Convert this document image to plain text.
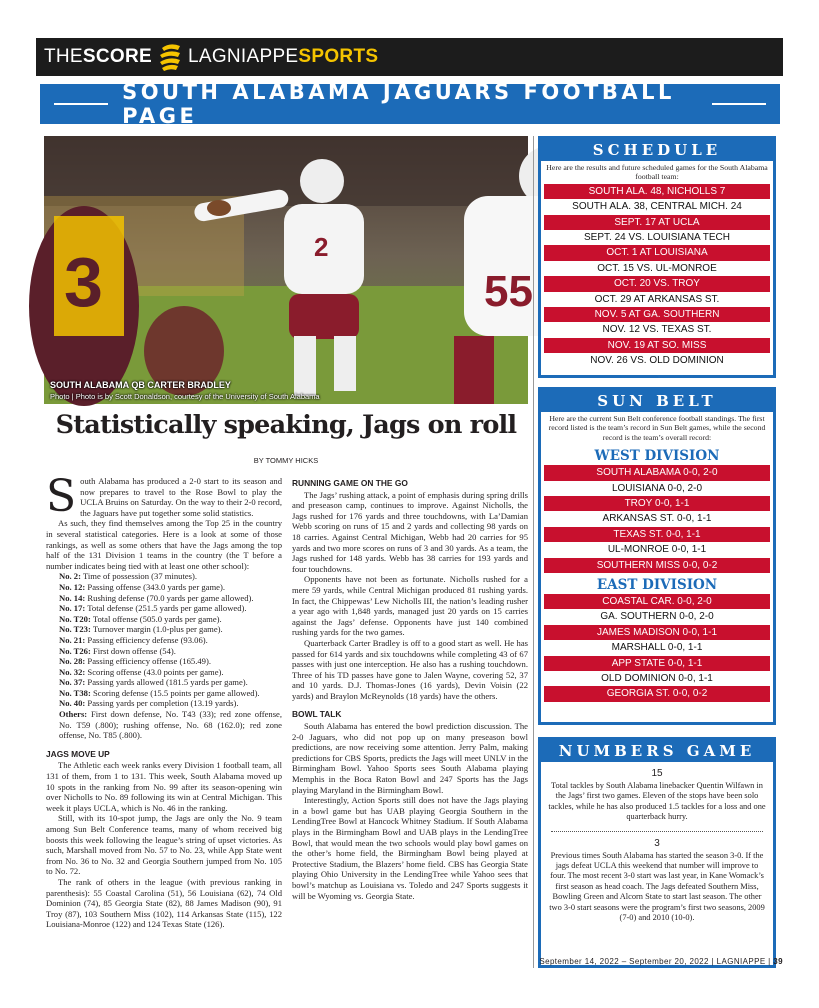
THE SCORE LAGNIAPPE SPORTS
SOUTH ALABAMA JAGUARS FOOTBALL PAGE
3	2
55
SOUTH ALABAMA QB CARTER BRADLEY
Photo | Photo is by Scott Donaldson, courtesy of the University of South Alabama
Statistically speaking, Jags on roll
BY TOMMY HICKS

South Alabama has produced a 2-0 start to its season and now prepares to travel to the Rose Bowl to play the UCLA Bruins on Saturday. On the way to their 2-0 record, the Jaguars have put together some solid statistics.

As such, they find themselves among the Top 25 in the country in several statistical categories. Here is a look at some of those rankings, as well as some others that have the Jags among the top half of the 131 Division 1 teams in the country (the T before a number indicates being tied with at least one other school):

No. 2: Time of possession (37 minutes).

No. 12: Passing offense (343.0 yards per game).

No. 14: Rushing defense (70.0 yards per game allowed).

No. 17: Total defense (251.5 yards per game allowed).

No. T20: Total offense (505.0 yards per game).

No. T23: Turnover margin (1.0-plus per game).

No. 21: Passing efficiency defense (93.06).

No. T26: First down offense (54).

No. 28: Passing efficiency offense (165.49).

No. 32: Scoring offense (43.0 points per game).

No. 37: Passing yards allowed (181.5 yards per game).

No. T38: Scoring defense (15.5 points per game allowed).

No. 40: Passing yards per completion (13.19 yards).

Others: First down defense, No. T43 (33); red zone offense, No. T59 (.800); rushing offense, No. 68 (162.0); red zone offense, No. T85 (.800).

JAGS MOVE UP

The Athletic each week ranks every Division 1 football team, all 131 of them, from 1 to 131. This week, South Alabama moved up 10 spots in the ranking from No. 99 after its season-opening win over Nicholls to No. 89 following its win at Central Michigan. This week it plays UCLA, which is No. 46 in the ranking.

Still, with its 10-spot jump, the Jags are only the No. 9 team among Sun Belt Conference teams, many of whom received big boosts this week following the league’s string of upset victories. As such, Marshall moved from No. 57 to No. 23, while App State went from No. 36 to No. 32 and Georgia Southern jumped from No. 105 to No. 72.

The rank of others in the league (with previous ranking in parenthesis): 55 Coastal Carolina (51), 56 Louisiana (62), 74 Old Dominion (74), 85 Georgia State (82), 88 James Madison (90), 91 Troy (87), 103 Southern Miss (102), 114 Arkansas State (115), 122 Louisiana-Monroe (122) and 124 Texas State (126).

RUNNING GAME ON THE GO

The Jags’ rushing attack, a point of emphasis during spring drills and preseason camp, continues to improve. Against Nicholls, the Jags rushed for 176 yards and three touchdowns, with La’Damian Webb scoring on runs of 15 and 2 yards and collecting 98 yards on 18 carries. Against Central Michigan, Webb had 20 carries for 95 yards and two more scores on runs of 3 and 30 yards. As a team, the Jags rushed for 148 yards. Webb has 38 carries for 193 yards and four touchdowns.

Opponents have not been as fortunate. Nicholls rushed for a mere 59 yards, while Central Michigan produced 81 rushing yards. In fact, the Chippewas’ Lew Nicholls III, the nation’s leading rusher a year ago with 1,848 yards, managed just 20 yards on 15 carries against the Jags’ defense. Opponents have just 140 combined rushing yards for the two games.

Quarterback Carter Bradley is off to a good start as well. He has passed for 614 yards and six touchdowns while completing 43 of 67 passes with just one interception. He also has a rushing touchdown. Three of his TD passes have gone to Jalen Wayne, covering 52, 37 and 10 yards. D.J. Thomas-Jones (16 yards), Devin Voisin (22 yards) and Braylon McReynolds (18 yards) have the others.

BOWL TALK

South Alabama has entered the bowl prediction discussion. The 2-0 Jaguars, who did not pop up on many preseason bowl predictions, are now receiving some attention. Jerry Palm, making predictions for CBS Sports, predicts the Jags will meet UNLV in the Birmingham Bowl. Yahoo Sports sees South Alabama playing Memphis in the Boca Raton Bowl and 247 Sports has the Jags playing Maryland in the Birmingham Bowl.

Interestingly, Action Sports still does not have the Jags playing in a bowl game but has UAB playing Georgia Southern in the LendingTree Bowl at Hancock Whitney Stadium. If South Alabama plays in the Birmingham Bowl and UAB plays in the LendingTree Bowl, that would mean the two schools would play bowl games on the other’s home field, the Birmingham Bowl being played at Protective Stadium, the Blazers’ home field. CBS has Georgia State playing Ohio University in the LendingTree while Yahoo sees that bowl’s matchup as Louisiana vs. Toledo and 247 Sports suggests it will be Wyoming vs. Georgia State.

SCHEDULE
Here are the results and future scheduled games for the South Alabama football team:
SOUTH ALA. 48, NICHOLLS 7
SOUTH ALA. 38, CENTRAL MICH. 24
SEPT. 17 AT UCLA
SEPT. 24 VS. LOUISIANA TECH
OCT. 1 AT LOUISIANA
OCT. 15 VS. UL-MONROE
OCT. 20 VS. TROY
OCT. 29 AT ARKANSAS ST.
NOV. 5 AT GA. SOUTHERN
NOV. 12 VS. TEXAS ST.
NOV. 19 AT SO. MISS
NOV. 26 VS. OLD DOMINION
SUN BELT
Here are the current Sun Belt conference football standings. The first record listed is the team’s record in Sun Belt games, while the second record is the team’s overall record:
WEST DIVISION
SOUTH ALABAMA 0-0, 2-0
LOUISIANA 0-0, 2-0
TROY 0-0, 1-1
ARKANSAS ST. 0-0, 1-1
TEXAS ST. 0-0, 1-1
UL-MONROE 0-0, 1-1
SOUTHERN MISS 0-0, 0-2
EAST DIVISION
COASTAL CAR. 0-0, 2-0
GA. SOUTHERN 0-0, 2-0
JAMES MADISON 0-0, 1-1
MARSHALL 0-0, 1-1
APP STATE 0-0, 1-1
OLD DOMINION 0-0, 1-1
GEORGIA ST. 0-0, 0-2
NUMBERS GAME
15
Total tackles by South Alabama linebacker Quentin Wilfawn in the Jags’ first two games. Eleven of the stops have been solo tackles, while he has also produced 1.5 tackles for a loss and one quarterback hurry.
3
Previous times South Alabama has started the season 3-0. If the jags defeat UCLA this weekend that number will improve to four. The most recent 3-0 start was last year, in Kane Womack’s first season as head coach. The Jags defeated Southern Miss, Bowling Green and Alcorn State to start last season. The other two 3-0 start seasons were the program’s first two seasons, 2009 (7-0) and 2010 (10-0).
September 14, 2022 – September 20, 2022 | LAGNIAPPE | 39
